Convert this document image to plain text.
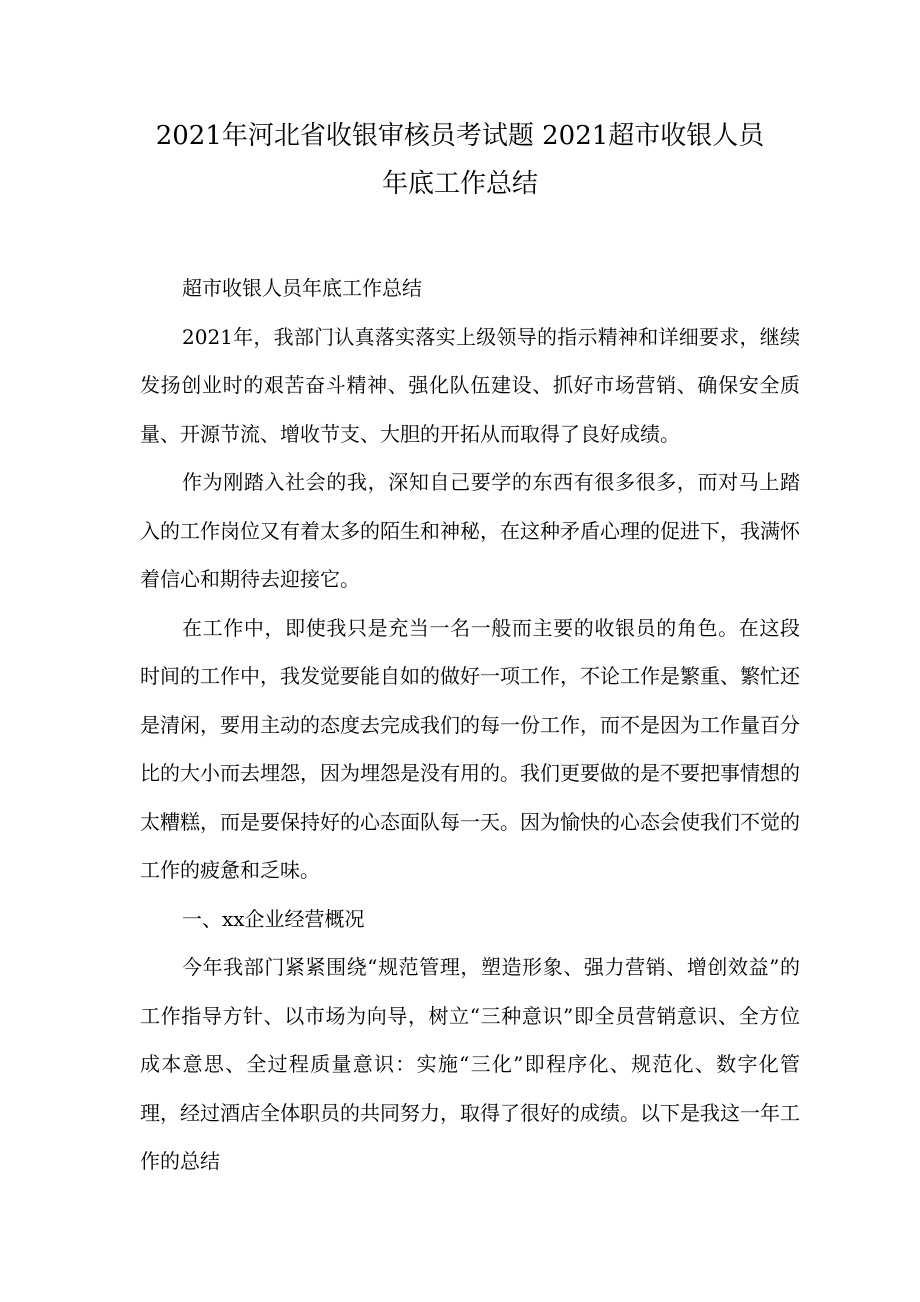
2021年河北省收银审核员考试题 2021超市收银人员
年底工作总结

超市收银人员年底工作总结

2021年，我部门认真落实落实上级领导的指示精神和详细要求，继续发扬创业时的艰苦奋斗精神、强化队伍建设、抓好市场营销、确保安全质量、开源节流、增收节支、大胆的开拓从而取得了良好成绩。

作为刚踏入社会的我，深知自己要学的东西有很多很多，而对马上踏入的工作岗位又有着太多的陌生和神秘，在这种矛盾心理的促进下，我满怀着信心和期待去迎接它。

在工作中，即使我只是充当一名一般而主要的收银员的角色。在这段时间的工作中，我发觉要能自如的做好一项工作，不论工作是繁重、繁忙还是清闲，要用主动的态度去完成我们的每一份工作，而不是因为工作量百分比的大小而去埋怨，因为埋怨是没有用的。我们更要做的是不要把事情想的太糟糕，而是要保持好的心态面队每一天。因为愉快的心态会使我们不觉的工作的疲惫和乏味。

一、xx企业经营概况

今年我部门紧紧围绕“规范管理，塑造形象、强力营销、增创效益”的工作指导方针、以市场为向导，树立“三种意识”即全员营销意识、全方位成本意思、全过程质量意识：实施“三化”即程序化、规范化、数字化管理，经过酒店全体职员的共同努力，取得了很好的成绩。以下是我这一年工作的总结
